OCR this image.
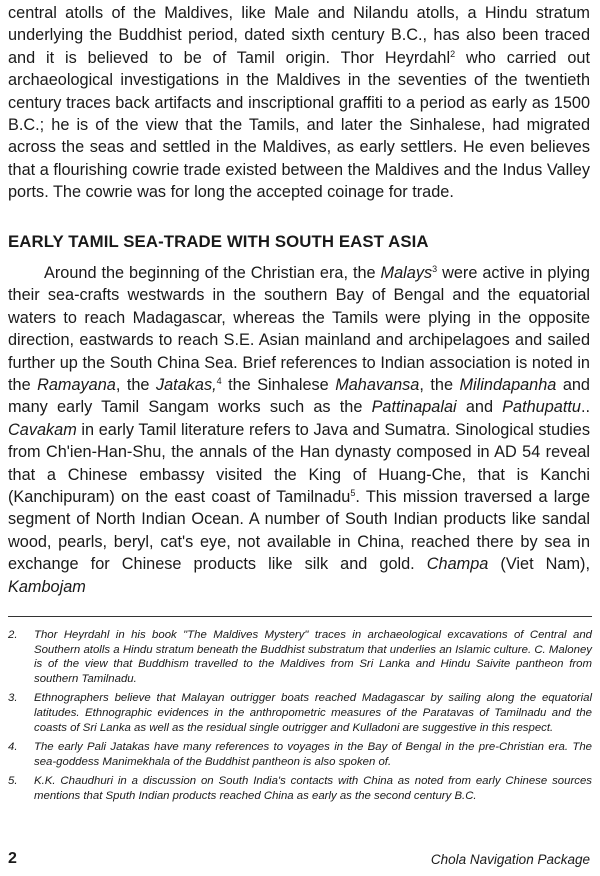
central atolls of the Maldives, like Male and Nilandu atolls, a Hindu stratum underlying the Buddhist period, dated sixth century B.C., has also been traced and it is believed to be of Tamil origin. Thor Heyrdahl$^2$ who carried out archaeological investigations in the Maldives in the seventies of the twentieth century traces back artifacts and inscriptional graffiti to a period as early as 1500 B.C.; he is of the view that the Tamils, and later the Sinhalese, had migrated across the seas and settled in the Maldives, as early settlers. He even believes that a flourishing cowrie trade existed between the Maldives and the Indus Valley ports. The cowrie was for long the accepted coinage for trade.

EARLY TAMIL SEA-TRADE WITH SOUTH EAST ASIA

Around the beginning of the Christian era, the Malays$^3$ were active in plying their sea-crafts westwards in the southern Bay of Bengal and the equatorial waters to reach Madagascar, whereas the Tamils were plying in the opposite direction, eastwards to reach S.E. Asian mainland and archipelagoes and sailed further up the South China Sea. Brief references to Indian association is noted in the Ramayana, the Jatakas,$^4$ the Sinhalese Mahavansa, the Milindapanha and many early Tamil Sangam works such as the Pattinapalai and Pathupattu.. Cavakam in early Tamil literature refers to Java and Sumatra. Sinological studies from Ch'ien-Han-Shu, the annals of the Han dynasty composed in AD 54 reveal that a Chinese embassy visited the King of Huang-Che, that is Kanchi (Kanchipuram) on the east coast of Tamilnadu$^5$. This mission traversed a large segment of North Indian Ocean. A number of South Indian products like sandal wood, pearls, beryl, cat's eye, not available in China, reached there by sea in exchange for Chinese products like silk and gold. Champa (Viet Nam), Kambojam

2. Thor Heyrdahl in his book "The Maldives Mystery" traces in archaeological excavations of Central and Southern atolls a Hindu stratum beneath the Buddhist substratum that underlies an Islamic culture. C. Maloney is of the view that Buddhism travelled to the Maldives from Sri Lanka and Hindu Saivite pantheon from southern Tamilnadu.

3. Ethnographers believe that Malayan outrigger boats reached Madagascar by sailing along the equatorial latitudes. Ethnographic evidences in the anthropometric measures of the Paratavas of Tamilnadu and the coasts of Sri Lanka as well as the residual single outrigger and Kulladoni are suggestive in this respect.

4. The early Pali Jatakas have many references to voyages in the Bay of Bengal in the pre-Christian era. The sea-goddess Manimekhala of the Buddhist pantheon is also spoken of.

5. K.K. Chaudhuri in a discussion on South India's contacts with China as noted from early Chinese sources mentions that Sputh Indian products reached China as early as the second century B.C.

2	Chola Navigation Package
